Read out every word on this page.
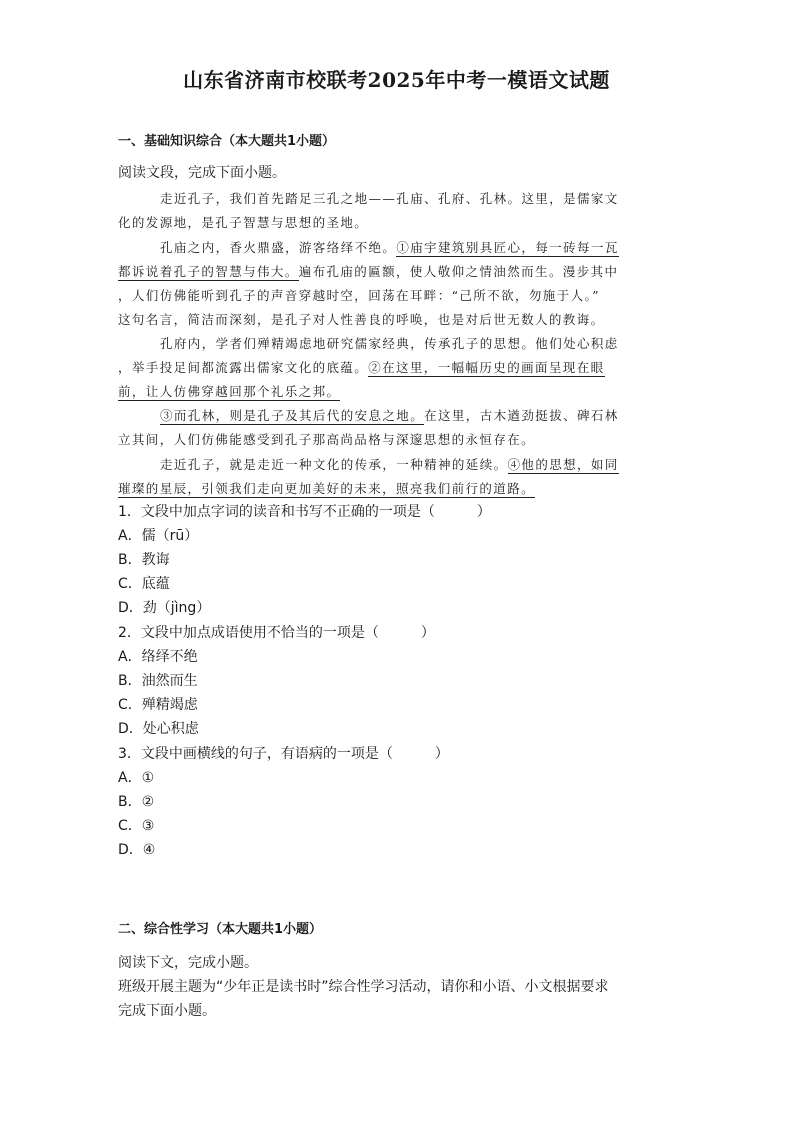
山东省济南市校联考2025年中考一模语文试题
一、基础知识综合（本大题共1小题）
阅读文段，完成下面小题。
走近孔子，我们首先踏足三孔之地——孔庙、孔府、孔林。这里，是儒家文
化的发源地，是孔子智慧与思想的圣地。
孔庙之内，香火鼎盛，游客络绎不绝。①庙宇建筑别具匠心，每一砖每一瓦
都诉说着孔子的智慧与伟大。遍布孔庙的匾额，使人敬仰之情油然而生。漫步其中
，人们仿佛能听到孔子的声音穿越时空，回荡在耳畔：“己所不欲，勿施于人。”
这句名言，简洁而深刻，是孔子对人性善良的呼唤，也是对后世无数人的教诲。
孔府内，学者们殚精竭虑地研究儒家经典，传承孔子的思想。他们处心积虑
，举手投足间都流露出儒家文化的底蕴。②在这里，一幅幅历史的画面呈现在眼
前，让人仿佛穿越回那个礼乐之邦。
③而孔林，则是孔子及其后代的安息之地。在这里，古木遒劲挺拔、碑石林
立其间，人们仿佛能感受到孔子那高尚品格与深邃思想的永恒存在。
走近孔子，就是走近一种文化的传承，一种精神的延续。④他的思想，如同
璀璨的星辰，引领我们走向更加美好的未来，照亮我们前行的道路。
1．文段中加点字词的读音和书写不正确的一项是（　　　）
A．儒（rū）
B．教诲
C．底蕴
D．劲（jìng）
2．文段中加点成语使用不恰当的一项是（　　　）
A．络绎不绝
B．油然而生
C．殚精竭虑
D．处心积虑
3．文段中画横线的句子，有语病的一项是（　　　）
A．①
B．②
C．③
D．④
二、综合性学习（本大题共1小题）
阅读下文，完成小题。
班级开展主题为“少年正是读书时”综合性学习活动，请你和小语、小文根据要求
完成下面小题。
